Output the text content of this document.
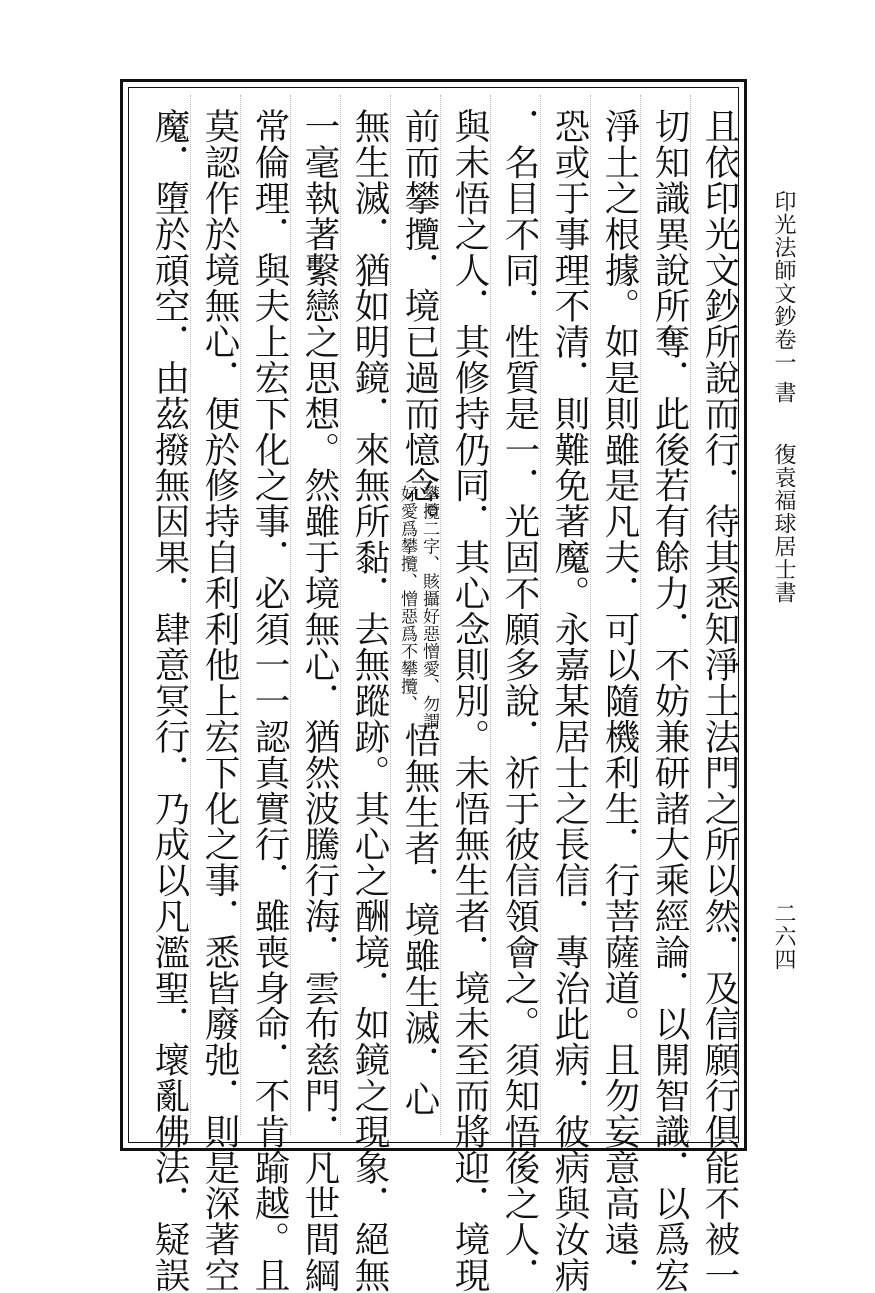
印光法師文鈔卷一
書
復袁福球居士書
二六四
且依印光文鈔所說而行．待其悉知淨土法門之所以然．及信願行俱能不被一
切知識異說所奪．此後若有餘力．不妨兼研諸大乘經論．以開智識．以爲宏
淨土之根據。如是則雖是凡夫．可以隨機利生．行菩薩道。且勿妄意高遠．
恐或于事理不清．則難免著魔。永嘉某居士之長信．專治此病．彼病與汝病
．名目不同．性質是一．光固不願多說．祈于彼信領會之。須知悟後之人．
與未悟之人．其修持仍同．其心念則別。未悟無生者．境未至而將迎．境現
前而攀攬．境已過而憶念。
攀攬二字、賅攝好惡憎愛、勿謂
好愛爲攀攬、憎惡爲不攀攬、
悟無生者．境雖生滅．心
無生滅．猶如明鏡．來無所黏．去無蹤跡。其心之酬境．如鏡之現象．絕無
一毫執著繫戀之思想。然雖于境無心．猶然波騰行海．雲布慈門．凡世間綱
常倫理．與夫上宏下化之事．必須一一認真實行．雖喪身命．不肯踰越。且
莫認作於境無心．便於修持自利利他上宏下化之事．悉皆廢弛．則是深著空
魔．墮於頑空．由茲撥無因果．肆意冥行．乃成以凡濫聖．壞亂佛法．疑誤
